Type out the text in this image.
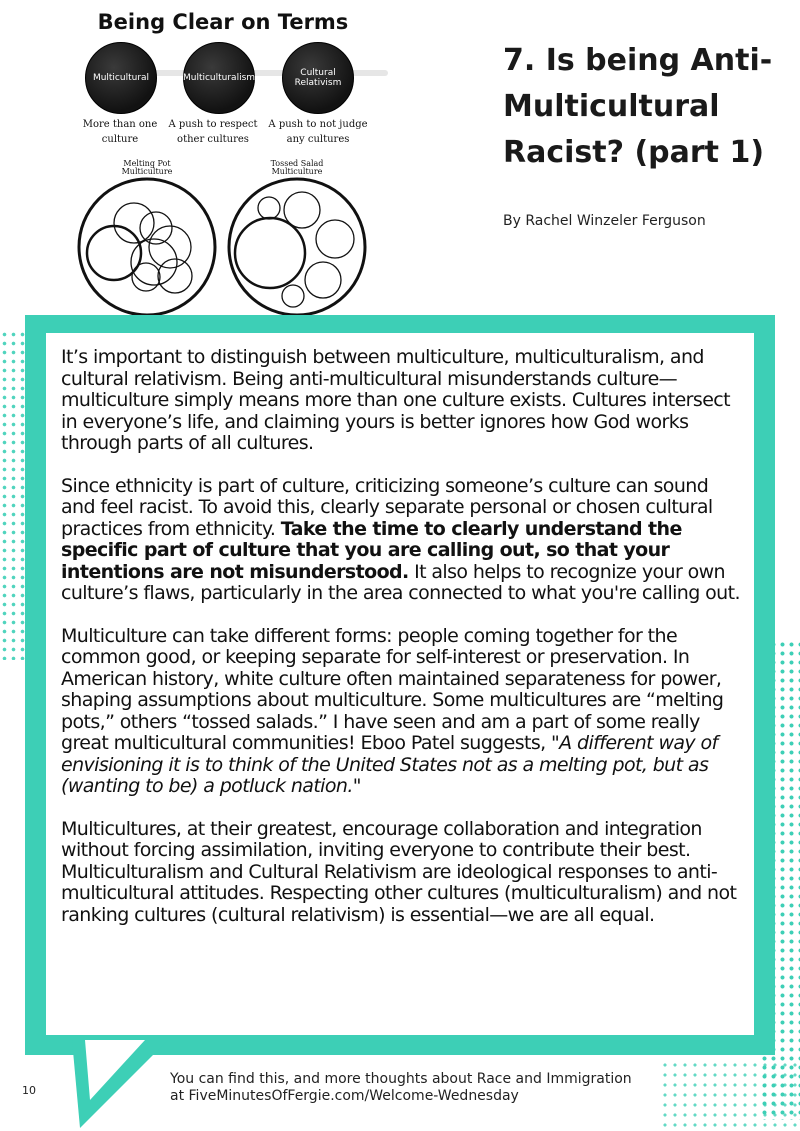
Being Clear on Terms
Multicultural	Multiculturalism
Cultural Relativism
More than one culture
A push to respect other cultures
A push to not judge any cultures
Melting Pot Multiculture
Tossed Salad Multiculture
7. Is being Anti-Multicultural Racist? (part 1)
By Rachel Winzeler Ferguson

It’s important to distinguish between multiculture, multiculturalism, and cultural relativism. Being anti-multicultural misunderstands culture—multiculture simply means more than one culture exists. Cultures intersect in everyone’s life, and claiming yours is better ignores how God works through parts of all cultures.

Since ethnicity is part of culture, criticizing someone’s culture can sound and feel racist. To avoid this, clearly separate personal or chosen cultural practices from ethnicity. Take the time to clearly understand the specific part of culture that you are calling out, so that your intentions are not misunderstood. It also helps to recognize your own culture’s flaws, particularly in the area connected to what you're calling out.

Multiculture can take different forms: people coming together for the common good, or keeping separate for self-interest or preservation. In American history, white culture often maintained separateness for power, shaping assumptions about multiculture. Some multicultures are “melting pots,” others “tossed salads.” I have seen and am a part of some really great multicultural communities! Eboo Patel suggests, "A different way of envisioning it is to think of the United States not as a melting pot, but as (wanting to be) a potluck nation."

Multicultures, at their greatest, encourage collaboration and integration without forcing assimilation, inviting everyone to contribute their best. Multiculturalism and Cultural Relativism are ideological responses to anti-multicultural attitudes. Respecting other cultures (multiculturalism) and not ranking cultures (cultural relativism) is essential—we are all equal.

10
You can find this, and more thoughts about Race and Immigration
at FiveMinutesOfFergie.com/Welcome-Wednesday
